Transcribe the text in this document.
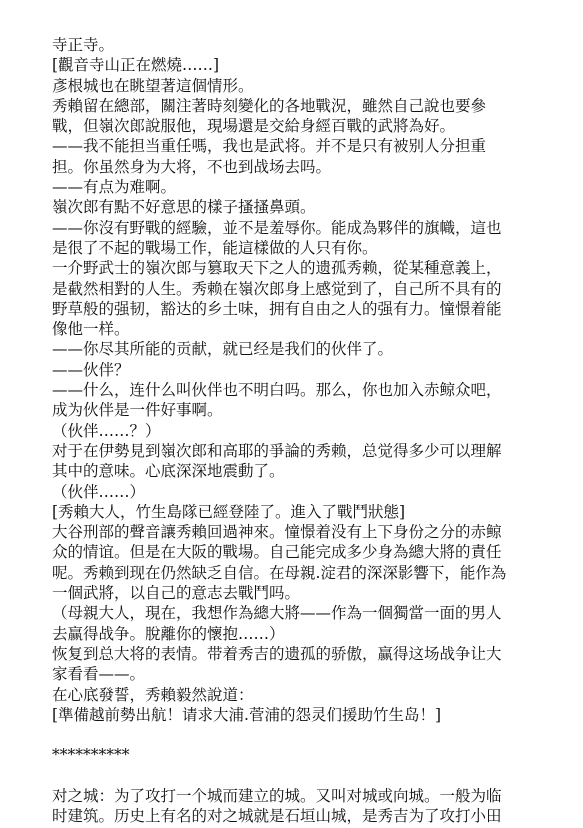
寺正寺。
[觀音寺山正在燃燒……]
彥根城也在眺望著這個情形。
秀賴留在總部，關注著時刻變化的各地戰況，雖然自己說也要參
戰，但嶺次郎說服他，現場還是交給身經百戰的武將為好。
——我不能担当重任嗎，我也是武将。并不是只有被别人分担重
担。你虽然身为大将，不也到战场去吗。
——有点为难啊。
嶺次郎有點不好意思的樣子搔搔鼻頭。
——你沒有野戰的經驗，並不是羞辱你。能成為夥伴的旗幟，這也
是很了不起的戰場工作，能這樣做的人只有你。
一介野武士的嶺次郎与篡取天下之人的遗孤秀赖，從某種意義上，
是截然相對的人生。秀赖在嶺次郎身上感觉到了，自己所不具有的
野草般的强韧，豁达的乡土味，拥有自由之人的强有力。憧憬着能
像他一样。
——你尽其所能的贡献，就已经是我们的伙伴了。
——伙伴？
——什么，连什么叫伙伴也不明白吗。那么，你也加入赤鲸众吧，
成为伙伴是一件好事啊。
（伙伴……？）
对于在伊勢見到嶺次郎和高耶的爭論的秀赖，总觉得多少可以理解
其中的意味。心底深深地震動了。
（伙伴……）
[秀賴大人，竹生島隊已經登陸了。進入了戰鬥狀態]
大谷刑部的聲音讓秀賴回過神來。憧憬着没有上下身份之分的赤鲸
众的情谊。但是在大阪的戰場。自己能完成多少身為總大將的責任
呢。秀赖到现在仍然缺乏自信。在母親.淀君的深深影響下，能作為
一個武將，以自己的意志去戰鬥吗。
（母親大人，現在，我想作為總大將——作為一個獨當一面的男人
去赢得战争。脫離你的懷抱……）
恢复到总大将的表情。带着秀吉的遗孤的骄傲，赢得这场战争让大
家看看——。
在心底發誓，秀賴毅然說道：
[準備越前勢出航！请求大浦.菅浦的怨灵们援助竹生岛！]
**********
对之城：为了攻打一个城而建立的城。又叫对城或向城。一般为临
时建筑。历史上有名的对之城就是石垣山城，是秀吉为了攻打小田
